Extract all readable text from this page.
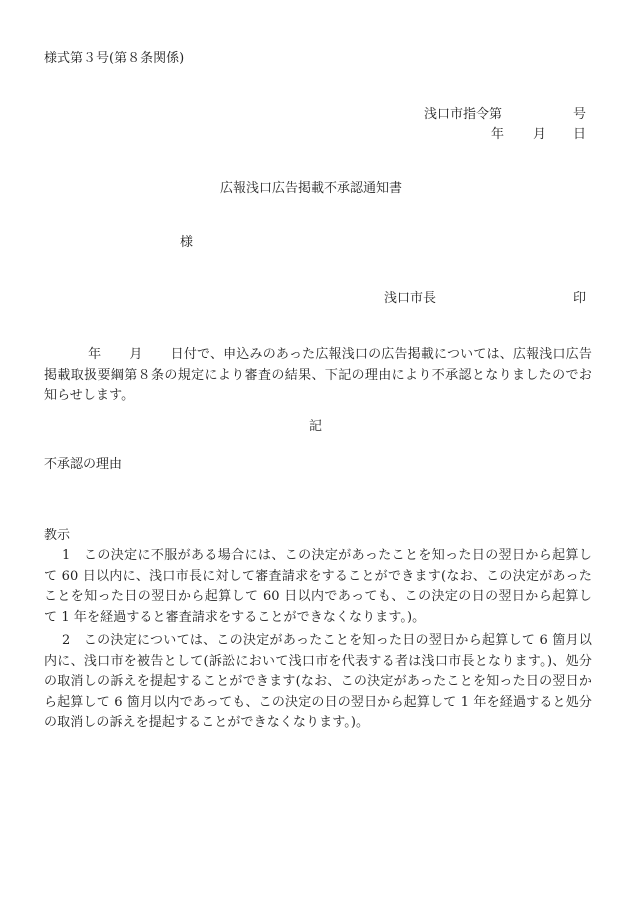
様式第３号(第８条関係)
浅口市指令第	号
年 月 日
広報浅口広告掲載不承認通知書
様
浅口市長	印
年 月 日付で、申込みのあった広報浅口の広告掲載については、広報浅口広告掲載取扱要綱第８条の規定により審査の結果、下記の理由により不承認となりましたのでお知らせします。
記
不承認の理由
教示
1　この決定に不服がある場合には、この決定があったことを知った日の翌日から起算して 60 日以内に、浅口市長に対して審査請求をすることができます(なお、この決定があったことを知った日の翌日から起算して 60 日以内であっても、この決定の日の翌日から起算して 1 年を経過すると審査請求をすることができなくなります。)。
2　この決定については、この決定があったことを知った日の翌日から起算して 6 箇月以内に、浅口市を被告として(訴訟において浅口市を代表する者は浅口市長となります。)、処分の取消しの訴えを提起することができます(なお、この決定があったことを知った日の翌日から起算して 6 箇月以内であっても、この決定の日の翌日から起算して 1 年を経過すると処分の取消しの訴えを提起することができなくなります。)。
